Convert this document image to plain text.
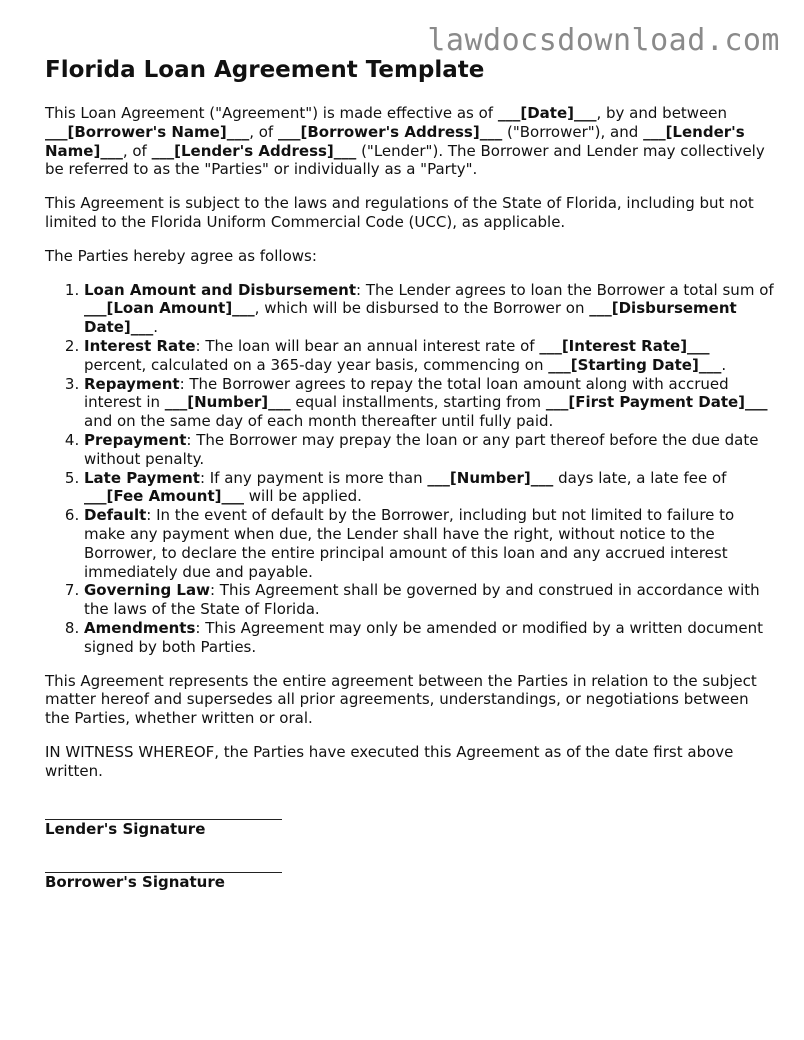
lawdocsdownload.com
Florida Loan Agreement Template

This Loan Agreement ("Agreement") is made effective as of ___[Date]___, by and between ___[Borrower's Name]___, of ___[Borrower's Address]___ ("Borrower"), and ___[Lender's Name]___, of ___[Lender's Address]___ ("Lender"). The Borrower and Lender may collectively be referred to as the "Parties" or individually as a "Party".

This Agreement is subject to the laws and regulations of the State of Florida, including but not limited to the Florida Uniform Commercial Code (UCC), as applicable.

The Parties hereby agree as follows:

1. Loan Amount and Disbursement: The Lender agrees to loan the Borrower a total sum of ___[Loan Amount]___, which will be disbursed to the Borrower on ___[Disbursement Date]___.
2. Interest Rate: The loan will bear an annual interest rate of ___[Interest Rate]___ percent, calculated on a 365-day year basis, commencing on ___[Starting Date]___.
3. Repayment: The Borrower agrees to repay the total loan amount along with accrued interest in ___[Number]___ equal installments, starting from ___[First Payment Date]___ and on the same day of each month thereafter until fully paid.
4. Prepayment: The Borrower may prepay the loan or any part thereof before the due date without penalty.
5. Late Payment: If any payment is more than ___[Number]___ days late, a late fee of ___[Fee Amount]___ will be applied.
6. Default: In the event of default by the Borrower, including but not limited to failure to make any payment when due, the Lender shall have the right, without notice to the Borrower, to declare the entire principal amount of this loan and any accrued interest immediately due and payable.
7. Governing Law: This Agreement shall be governed by and construed in accordance with the laws of the State of Florida.
8. Amendments: This Agreement may only be amended or modified by a written document signed by both Parties.

This Agreement represents the entire agreement between the Parties in relation to the subject matter hereof and supersedes all prior agreements, understandings, or negotiations between the Parties, whether written or oral.

IN WITNESS WHEREOF, the Parties have executed this Agreement as of the date first above written.

Lender's Signature
Borrower's Signature
